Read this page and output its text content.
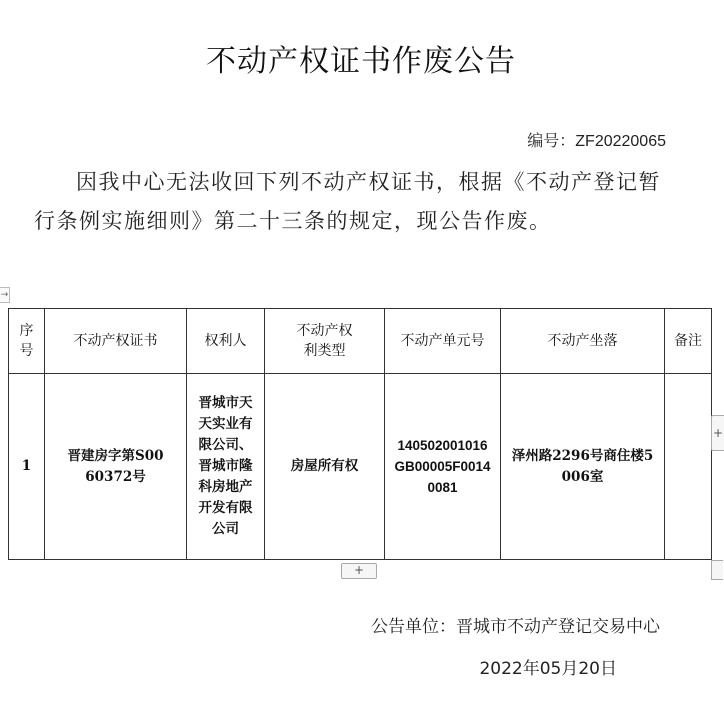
不动产权证书作废公告
编号：ZF20220065
因我中心无法收回下列不动产权证书，根据《不动产登记暂行条例实施细则》第二十三条的规定，现公告作废。
→
序号	不动产权证书	权利人	不动产权利类型	不动产单元号	不动产坐落	备注
1	晋建房字第S0060372号	晋城市天天实业有限公司、晋城市隆科房地产开发有限公司	房屋所有权	140502001016GB00005F00140081	泽州路2296号商住楼5006室	
+
+
公告单位：晋城市不动产登记交易中心
2022年05月20日
